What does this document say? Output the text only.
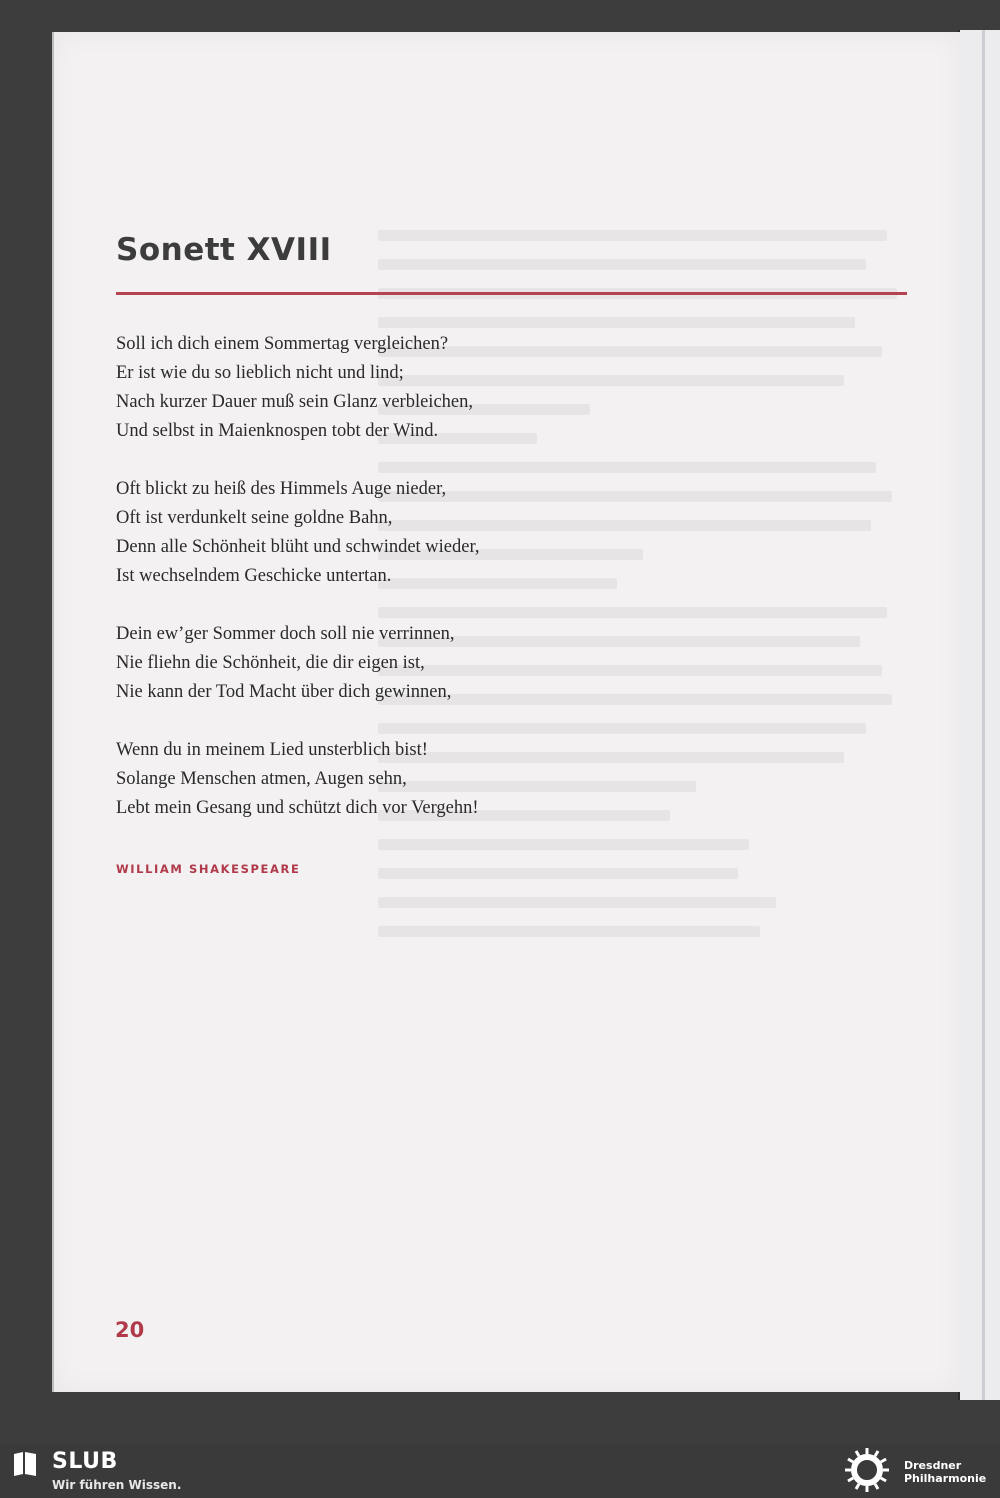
Sonett XVIII
Soll ich dich einem Sommertag vergleichen?
Er ist wie du so lieblich nicht und lind;
Nach kurzer Dauer muß sein Glanz verbleichen,
Und selbst in Maienknospen tobt der Wind.
Oft blickt zu heiß des Himmels Auge nieder,
Oft ist verdunkelt seine goldne Bahn,
Denn alle Schönheit blüht und schwindet wieder,
Ist wechselndem Geschicke untertan.
Dein ew’ger Sommer doch soll nie verrinnen,
Nie fliehn die Schönheit, die dir eigen ist,
Nie kann der Tod Macht über dich gewinnen,
Wenn du in meinem Lied unsterblich bist!
Solange Menschen atmen, Augen sehn,
Lebt mein Gesang und schützt dich vor Vergehn!
WILLIAM SHAKESPEARE
20
SLUB
Wir führen Wissen.
Dresdner
Philharmonie
